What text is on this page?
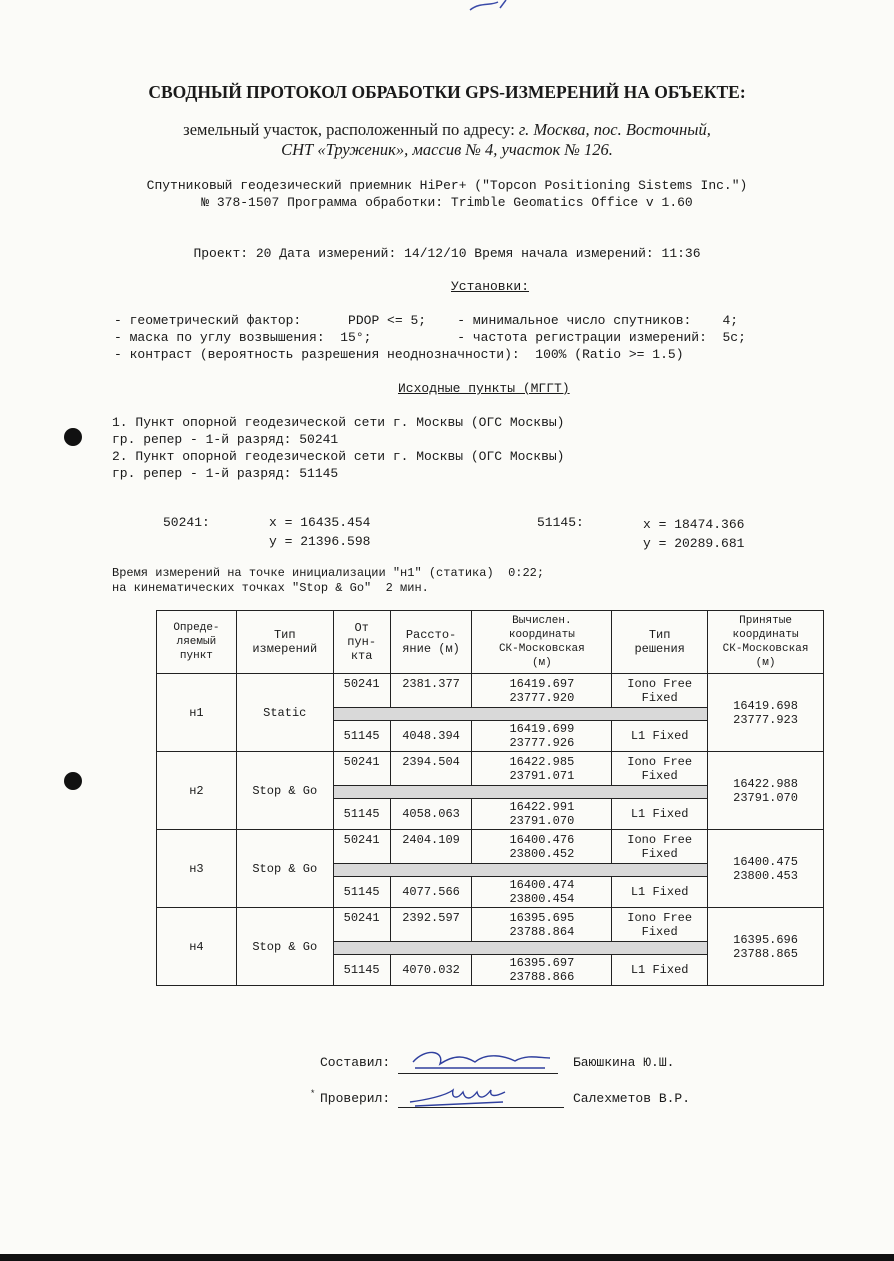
СВОДНЫЙ ПРОТОКОЛ ОБРАБОТКИ GPS-ИЗМЕРЕНИЙ НА ОБЪЕКТЕ:
земельный участок, расположенный по адресу: г. Москва, пос. Восточный,
СНТ «Труженик», массив № 4, участок № 126.
Спутниковый геодезический приемник HiPer+ ("Topcon Positioning Sistems Inc.")
№ 378-1507 Программа обработки: Trimble Geomatics Office v 1.60
Проект: 20 Дата измерений: 14/12/10 Время начала измерений: 11:36
Установки:
- геометрический фактор:      PDOP <= 5;    - минимальное число спутников:    4;
- маска по углу возвышения:  15°;           - частота регистрации измерений:  5с;
- контраст (вероятность разрешения неоднозначности):  100% (Ratio >= 1.5)
Исходные пункты (МГГТ)
1. Пункт опорной геодезической сети г. Москвы (ОГС Москвы)
гр. репер - 1-й разряд: 50241
2. Пункт опорной геодезической сети г. Москвы (ОГС Москвы)
гр. репер - 1-й разряд: 51145
50241:	x = 16435.454
y = 21396.598
51145:	x = 18474.366
y = 20289.681
Время измерений на точке инициализации "н1" (статика)  0:22;
на кинематических точках "Stop & Go"  2 мин.
Опреде-
ляемый
пункт	Тип
измерений	От
пун-
кта	Рассто-
яние (м)	Вычислен.
координаты
СК-Московская
(м)	Тип
решения	Принятые
координаты
СК-Московская
(м)

н1	Static	50241	2381.377	16419.697
23777.920	Iono Free
Fixed	16419.698
23777.923

		51145	4048.394	16419.699
23777.926	L1 Fixed	

н2	Stop & Go	50241	2394.504	16422.985
23791.071	Iono Free
Fixed	16422.988
23791.070

		51145	4058.063	16422.991
23791.070	L1 Fixed	

н3	Stop & Go	50241	2404.109	16400.476
23800.452	Iono Free
Fixed	16400.475
23800.453

		51145	4077.566	16400.474
23800.454	L1 Fixed	

н4	Stop & Go	50241	2392.597	16395.695
23788.864	Iono Free
Fixed	16395.696
23788.865

		51145	4070.032	16395.697
23788.866	L1 Fixed	
Составил:	Баюшкина Ю.Ш.
* Проверил:	Салехметов В.Р.
